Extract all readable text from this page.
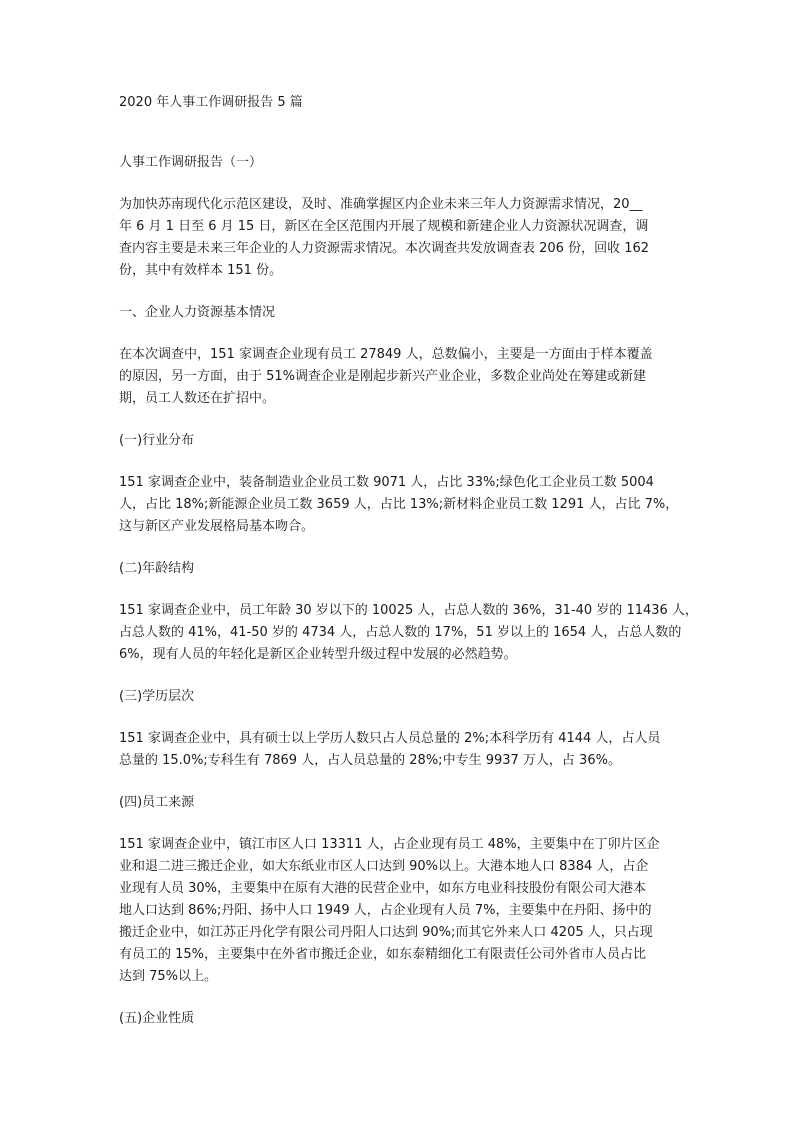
2020 年人事工作调研报告 5 篇

人事工作调研报告（一）

为加快苏南现代化示范区建设，及时、准确掌握区内企业未来三年人力资源需求情况，20__

年 6 月 1 日至 6 月 15 日，新区在全区范围内开展了规模和新建企业人力资源状况调查，调

查内容主要是未来三年企业的人力资源需求情况。本次调查共发放调查表 206 份，回收 162

份，其中有效样本 151 份。

一、企业人力资源基本情况

在本次调查中，151 家调查企业现有员工 27849 人，总数偏小，主要是一方面由于样本覆盖

的原因，另一方面，由于 51%调查企业是刚起步新兴产业企业，多数企业尚处在筹建或新建

期，员工人数还在扩招中。

(一)行业分布

151 家调查企业中，装备制造业企业员工数 9071 人，占比 33%;绿色化工企业员工数 5004

人，占比 18%;新能源企业员工数 3659 人，占比 13%;新材料企业员工数 1291 人，占比 7%，

这与新区产业发展格局基本吻合。

(二)年龄结构

151 家调查企业中，员工年龄 30 岁以下的 10025 人，占总人数的 36%，31-40 岁的 11436 人，

占总人数的 41%，41-50 岁的 4734 人，占总人数的 17%，51 岁以上的 1654 人，占总人数的

6%，现有人员的年轻化是新区企业转型升级过程中发展的必然趋势。

(三)学历层次

151 家调查企业中，具有硕士以上学历人数只占人员总量的 2%;本科学历有 4144 人，占人员

总量的 15.0%;专科生有 7869 人，占人员总量的 28%;中专生 9937 万人，占 36%。

(四)员工来源

151 家调查企业中，镇江市区人口 13311 人，占企业现有员工 48%，主要集中在丁卯片区企

业和退二进三搬迁企业，如大东纸业市区人口达到 90%以上。大港本地人口 8384 人，占企

业现有人员 30%，主要集中在原有大港的民营企业中，如东方电业科技股份有限公司大港本

地人口达到 86%;丹阳、扬中人口 1949 人，占企业现有人员 7%，主要集中在丹阳、扬中的

搬迁企业中，如江苏正丹化学有限公司丹阳人口达到 90%;而其它外来人口 4205 人，只占现

有员工的 15%，主要集中在外省市搬迁企业，如东泰精细化工有限责任公司外省市人员占比

达到 75%以上。

(五)企业性质
